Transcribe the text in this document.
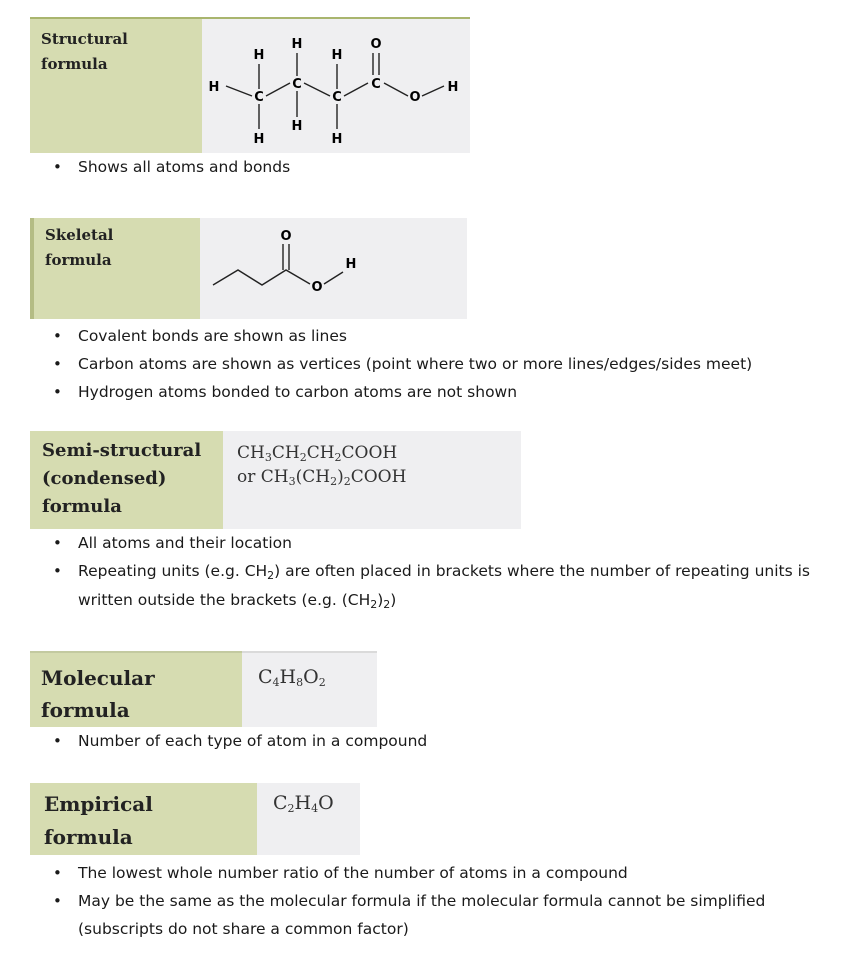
Structural
formula
H
C
C
C
C
O
H
H
H
H
H
H
H
O
• Shows all atoms and bonds
Skeletal
formula
O
O
H
• Covalent bonds are shown as lines
• Carbon atoms are shown as vertices (point where two or more lines/edges/sides meet)
• Hydrogen atoms bonded to carbon atoms are not shown
Semi-structural
(condensed)
formula
$CH_3CH_2CH_2COOH$
or $CH_3(CH_2)_2COOH$
• All atoms and their location
• Repeating units (e.g. $CH_2$) are often placed in brackets where the number of repeating units is
written outside the brackets (e.g. $(CH_2)_2$)
Molecular
formula
$C_4H_8O_2$
• Number of each type of atom in a compound
Empirical
formula
$C_2H_4O$
• The lowest whole number ratio of the number of atoms in a compound
• May be the same as the molecular formula if the molecular formula cannot be simplified
(subscripts do not share a common factor)
